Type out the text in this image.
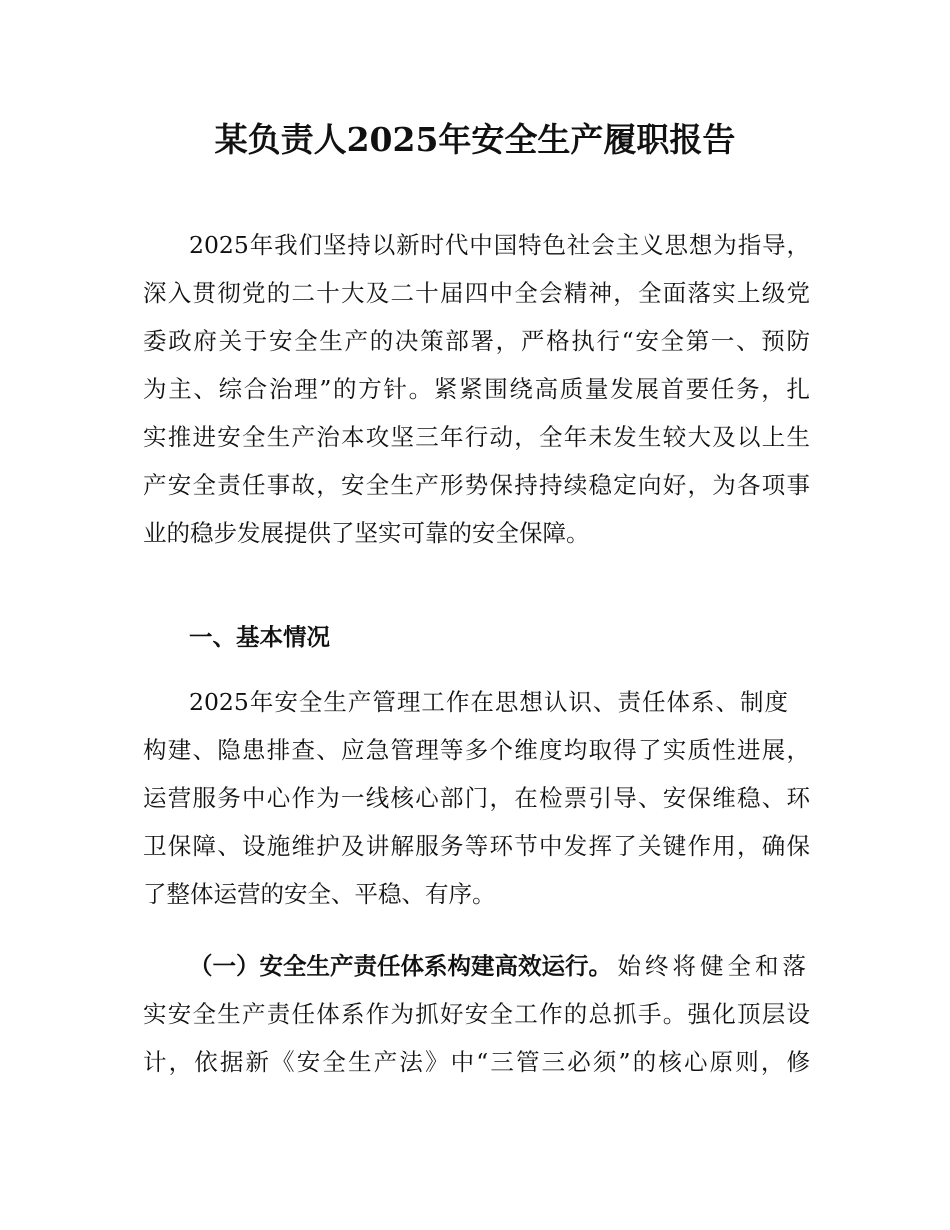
某负责人2025年安全生产履职报告
2025年我们坚持以新时代中国特色社会主义思想为指导，
深入贯彻党的二十大及二十届四中全会精神，全面落实上级党
委政府关于安全生产的决策部署，严格执行“安全第一、预防
为主、综合治理”的方针。紧紧围绕高质量发展首要任务，扎
实推进安全生产治本攻坚三年行动，全年未发生较大及以上生
产安全责任事故，安全生产形势保持持续稳定向好，为各项事
业的稳步发展提供了坚实可靠的安全保障。
一、基本情况
2025年安全生产管理工作在思想认识、责任体系、制度
构建、隐患排查、应急管理等多个维度均取得了实质性进展，
运营服务中心作为一线核心部门，在检票引导、安保维稳、环
卫保障、设施维护及讲解服务等环节中发挥了关键作用，确保
了整体运营的安全、平稳、有序。
（一）安全生产责任体系构建高效运行。 始终将健全和落
实安全生产责任体系作为抓好安全工作的总抓手。强化顶层设
计，依据新《安全生产法》中“三管三必须”的核心原则，修
